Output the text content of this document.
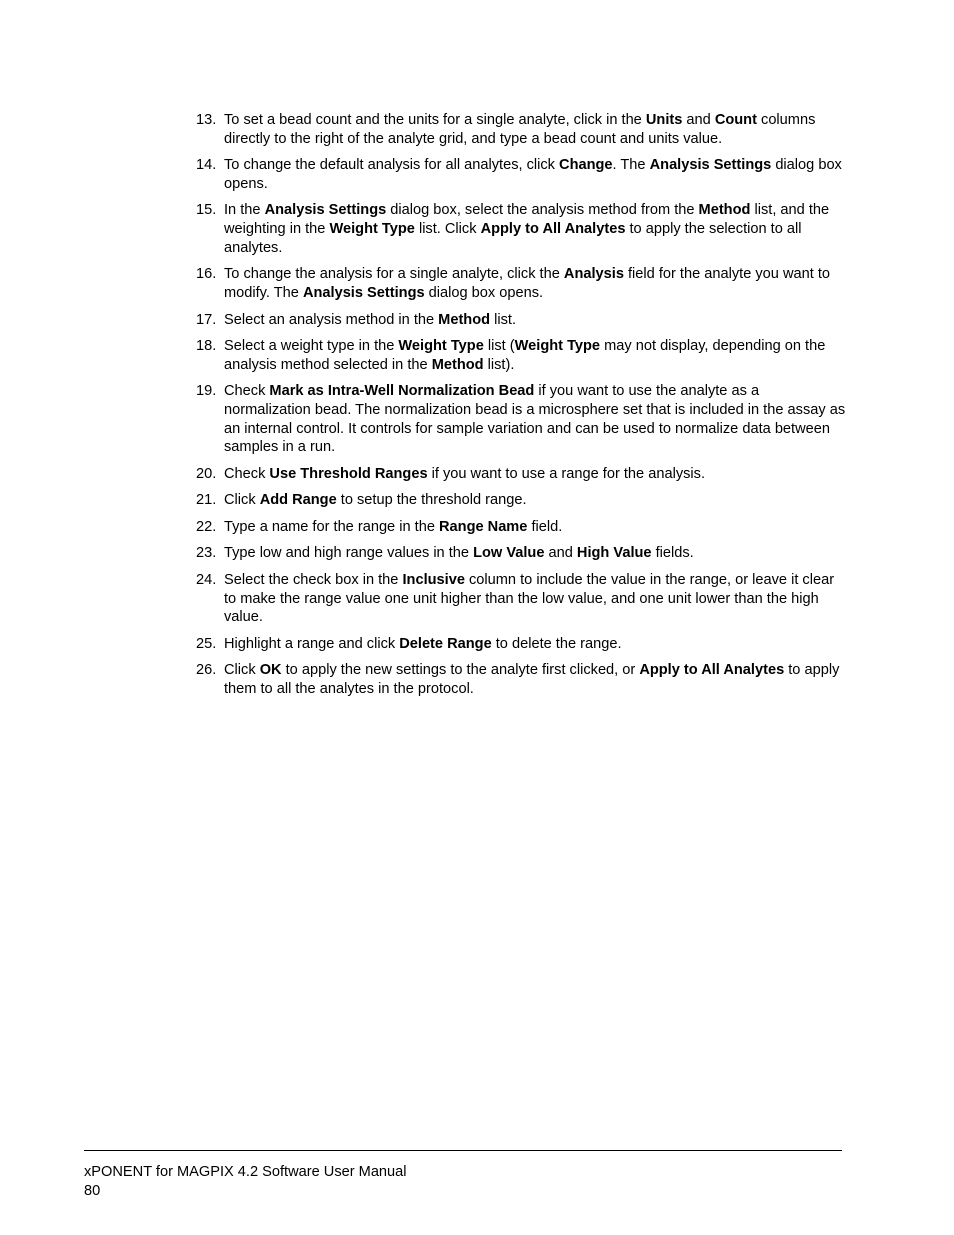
13. To set a bead count and the units for a single analyte, click in the Units and Count columns directly to the right of the analyte grid, and type a bead count and units value.
14. To change the default analysis for all analytes, click Change. The Analysis Settings dialog box opens.
15. In the Analysis Settings dialog box, select the analysis method from the Method list, and the weighting in the Weight Type list. Click Apply to All Analytes to apply the selection to all analytes.
16. To change the analysis for a single analyte, click the Analysis field for the analyte you want to modify. The Analysis Settings dialog box opens.
17. Select an analysis method in the Method list.
18. Select a weight type in the Weight Type list (Weight Type may not display, depending on the analysis method selected in the Method list).
19. Check Mark as Intra-Well Normalization Bead if you want to use the analyte as a normalization bead. The normalization bead is a microsphere set that is included in the assay as an internal control. It controls for sample variation and can be used to normalize data between samples in a run.
20. Check Use Threshold Ranges if you want to use a range for the analysis.
21. Click Add Range to setup the threshold range.
22. Type a name for the range in the Range Name field.
23. Type low and high range values in the Low Value and High Value fields.
24. Select the check box in the Inclusive column to include the value in the range, or leave it clear to make the range value one unit higher than the low value, and one unit lower than the high value.
25. Highlight a range and click Delete Range to delete the range.
26. Click OK to apply the new settings to the analyte first clicked, or Apply to All Analytes to apply them to all the analytes in the protocol.
xPONENT for MAGPIX 4.2 Software User Manual
80
